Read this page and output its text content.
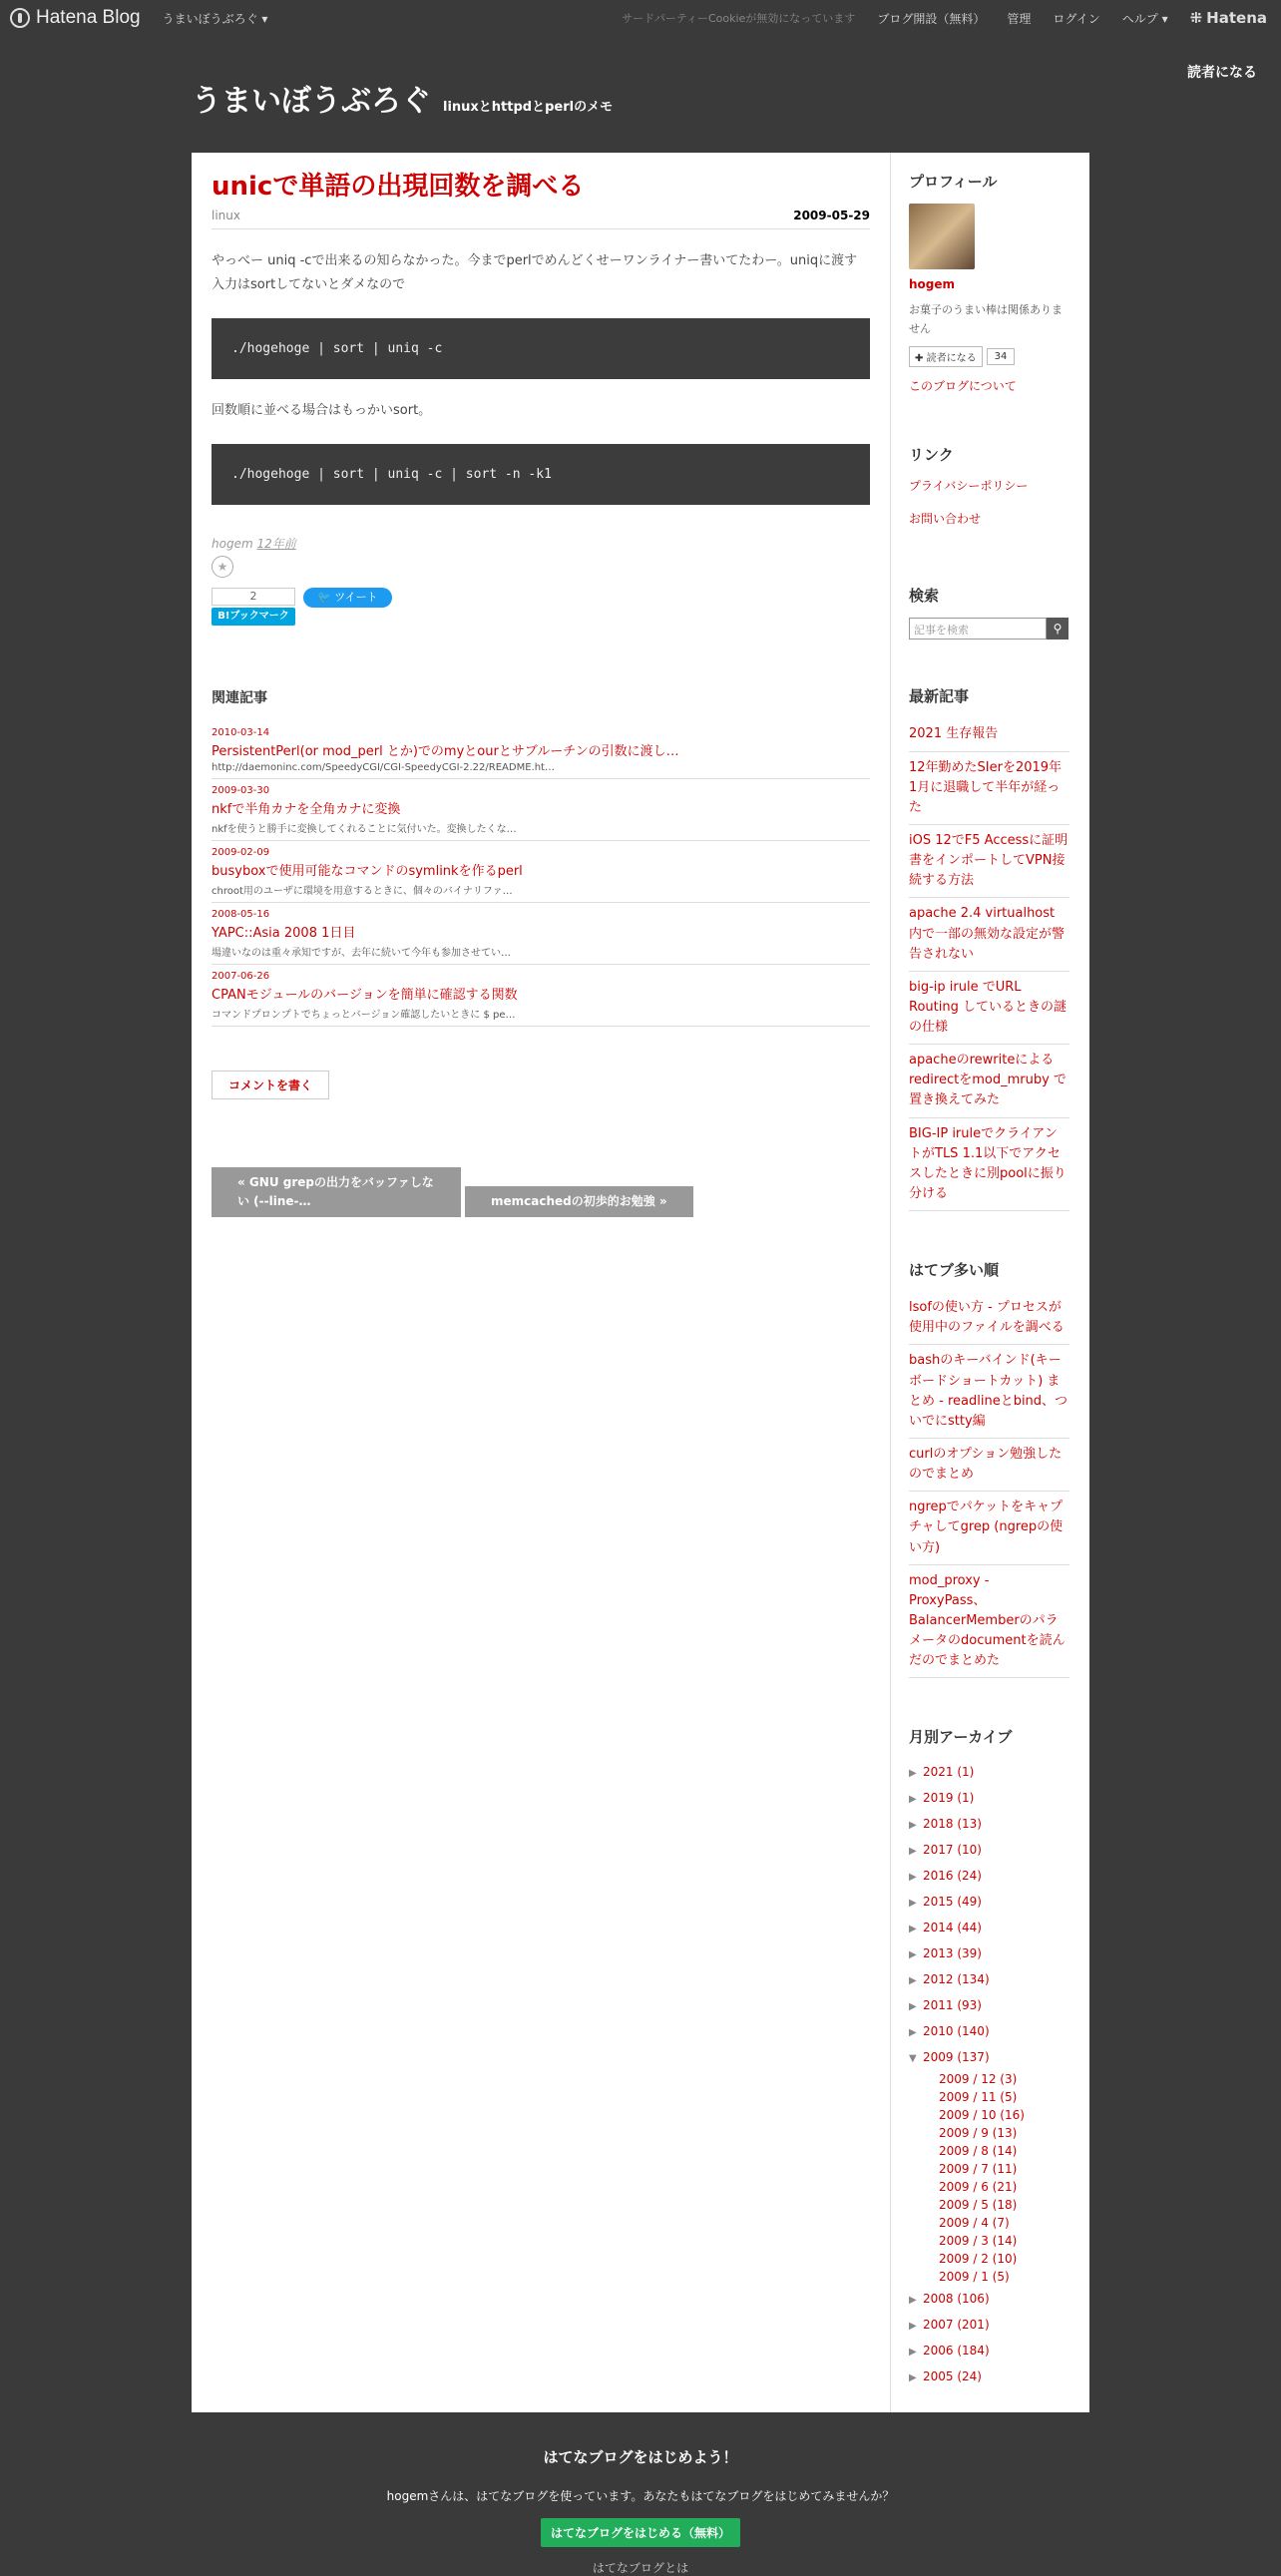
Hatena Blog うまいぼうぶろぐ ▾	サードパーティーCookieが無効になっています ブログ開設（無料） 管理 ログイン ヘルプ ▾ ⁜ Hatena
読者になる
うまいぼうぶろぐ linuxとhttpdとperlのメモ
unicで単語の出現回数を調べる
linux	2009-05-29

やっべー uniq -cで出来るの知らなかった。今までperlでめんどくせーワンライナー書いてたわー。uniqに渡す入力はsortしてないとダメなので

./hogehoge | sort | uniq -c

回数順に並べる場合はもっかいsort。

./hogehoge | sort | uniq -c | sort -n -k1
hogem 12年前
★
2
B!ブックマーク
🐦 ツイート
関連記事
2010-03-14
PersistentPerl(or mod_perl とか)でのmyとourとサブルーチンの引数に渡し…
http://daemoninc.com/SpeedyCGI/CGI-SpeedyCGI-2.22/README.ht…
2009-03-30
nkfで半角カナを全角カナに変換
nkfを使うと勝手に変換してくれることに気付いた。変換したくな…
2009-02-09
busyboxで使用可能なコマンドのsymlinkを作るperl
chroot用のユーザに環境を用意するときに、個々のバイナリファ…
2008-05-16
YAPC::Asia 2008 1日目
場違いなのは重々承知ですが、去年に続いて今年も参加させてい…
2007-06-26
CPANモジュールのバージョンを簡単に確認する関数
コマンドプロンプトでちょっとバージョン確認したいときに $ pe…
コメントを書く
« GNU grepの出力をバッファしない (--line-…	memcachedの初歩的お勉強 »
プロフィール
hogem
お菓子のうまい棒は関係ありません
✚ 読者になる	34
このブログについて
リンク
プライバシーポリシー
お問い合わせ
検索
記事を検索	⚲
最新記事
2021 生存報告
12年勤めたSIerを2019年1月に退職して半年が経った
iOS 12でF5 Accessに証明書をインポートしてVPN接続する方法
apache 2.4 virtualhost 内で一部の無効な設定が警告されない
big-ip irule でURL Routing しているときの謎の仕様
apacheのrewriteによるredirectをmod_mruby で置き換えてみた
BIG-IP iruleでクライアントがTLS 1.1以下でアクセスしたときに別poolに振り分ける
はてブ多い順
lsofの使い方 - プロセスが使用中のファイルを調べる
bashのキーバインド(キーボードショートカット) まとめ - readlineとbind、ついでにstty編
curlのオプション勉強したのでまとめ
ngrepでパケットをキャプチャしてgrep (ngrepの使い方)
mod_proxy - ProxyPass、BalancerMemberのパラメータのdocumentを読んだのでまとめた
月別アーカイブ
▶ 2021 (1)
▶ 2019 (1)
▶ 2018 (13)
▶ 2017 (10)
▶ 2016 (24)
▶ 2015 (49)
▶ 2014 (44)
▶ 2013 (39)
▶ 2012 (134)
▶ 2011 (93)
▶ 2010 (140)
▼ 2009 (137)
2009 / 12 (3)
2009 / 11 (5)
2009 / 10 (16)
2009 / 9 (13)
2009 / 8 (14)
2009 / 7 (11)
2009 / 6 (21)
2009 / 5 (18)
2009 / 4 (7)
2009 / 3 (14)
2009 / 2 (10)
2009 / 1 (5)
▶ 2008 (106)
▶ 2007 (201)
▶ 2006 (184)
▶ 2005 (24)
はてなブログをはじめよう！

hogemさんは、はてなブログを使っています。あなたもはてなブログをはじめてみませんか？

はてなブログをはじめる（無料）
はてなブログとは
